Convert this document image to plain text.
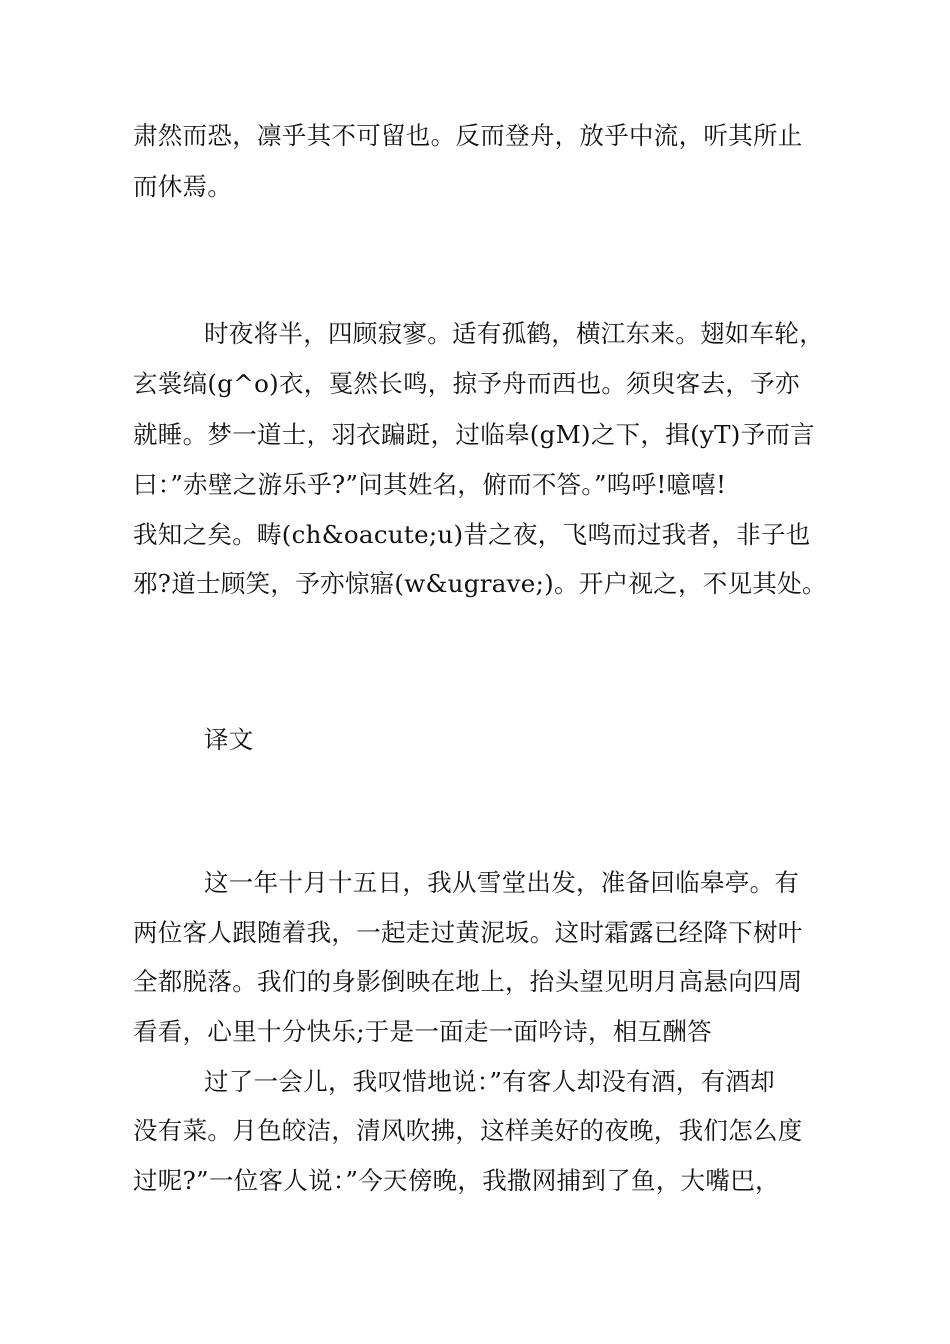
肃然而恐，凛乎其不可留也。反而登舟，放乎中流，听其所止
而休焉。
时夜将半，四顾寂寥。适有孤鹤，横江东来。翅如车轮，
玄裳缟(g^o)衣，戛然长鸣，掠予舟而西也。须臾客去，予亦
就睡。梦一道士，羽衣蹁跹，过临皋(gM)之下，揖(yT)予而言
曰：”赤壁之游乐乎?”问其姓名，俯而不答。”呜呼!噫嘻!
我知之矣。畴(ch&oacute;u)昔之夜，飞鸣而过我者，非子也
邪?道士顾笑，予亦惊寤(w&ugrave;)。开户视之，不见其处。
译文
这一年十月十五日，我从雪堂出发，准备回临皋亭。有
两位客人跟随着我，一起走过黄泥坂。这时霜露已经降下树叶
全都脱落。我们的身影倒映在地上，抬头望见明月高悬向四周
看看，心里十分快乐;于是一面走一面吟诗，相互酬答
过了一会儿，我叹惜地说：”有客人却没有酒，有酒却
没有菜。月色皎洁，清风吹拂，这样美好的夜晚，我们怎么度
过呢?”一位客人说：”今天傍晚，我撒网捕到了鱼，大嘴巴，
